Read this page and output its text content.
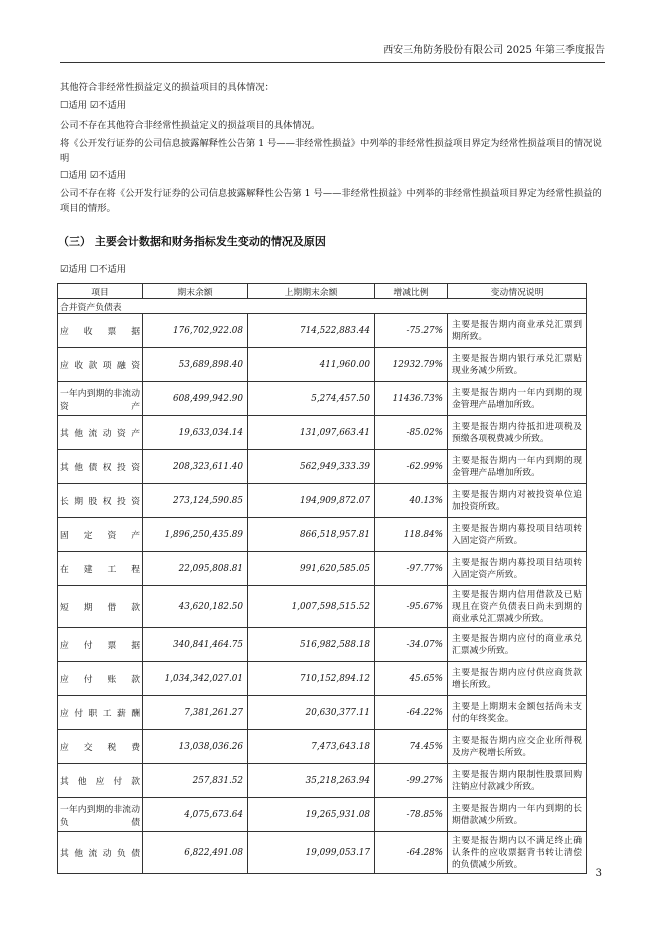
西安三角防务股份有限公司 2025 年第三季度报告

其他符合非经常性损益定义的损益项目的具体情况：

☐适用 ☑不适用

公司不存在其他符合非经常性损益定义的损益项目的具体情况。

将《公开发行证券的公司信息披露解释性公告第 1 号——非经常性损益》中列举的非经常性损益项目界定为经常性损益项目的情况说明

☐适用 ☑不适用

公司不存在将《公开发行证券的公司信息披露解释性公告第 1 号——非经常性损益》中列举的非经常性损益项目界定为经常性损益的项目的情形。

（三） 主要会计数据和财务指标发生变动的情况及原因

☑适用 ☐不适用

合并资产负债表				
项目	期末余额	上期期末余额	增减比例	变动情况说明
应收票据	176,702,922.08	714,522,883.44	-75.27%	主要是报告期内商业承兑汇票到期所致。
应收款项融资	53,689,898.40	411,960.00	12932.79%	主要是报告期内银行承兑汇票贴现业务减少所致。
一年内到期的非流动资产	608,499,942.90	5,274,457.50	11436.73%	主要是报告期内一年内到期的现金管理产品增加所致。
其他流动资产	19,633,034.14	131,097,663.41	-85.02%	主要是报告期内待抵扣进项税及预缴各项税费减少所致。
其他债权投资	208,323,611.40	562,949,333.39	-62.99%	主要是报告期内一年内到期的现金管理产品增加所致。
长期股权投资	273,124,590.85	194,909,872.07	40.13%	主要是报告期内对被投资单位追加投资所致。
固定资产	1,896,250,435.89	866,518,957.81	118.84%	主要是报告期内募投项目结项转入固定资产所致。
在建工程	22,095,808.81	991,620,585.05	-97.77%	主要是报告期内募投项目结项转入固定资产所致。
短期借款	43,620,182.50	1,007,598,515.52	-95.67%	主要是报告期内信用借款及已贴现且在资产负债表日尚未到期的商业承兑汇票减少所致。
应付票据	340,841,464.75	516,982,588.18	-34.07%	主要是报告期内应付的商业承兑汇票减少所致。
应付账款	1,034,342,027.01	710,152,894.12	45.65%	主要是报告期内应付供应商货款增长所致。
应付职工薪酬	7,381,261.27	20,630,377.11	-64.22%	主要是上期期末金额包括尚未支付的年终奖金。
应交税费	13,038,036.26	7,473,643.18	74.45%	主要是报告期内应交企业所得税及房产税增长所致。
其他应付款	257,831.52	35,218,263.94	-99.27%	主要是报告期内限制性股票回购注销应付款减少所致。
一年内到期的非流动负债	4,075,673.64	19,265,931.08	-78.85%	主要是报告期内一年内到期的长期借款减少所致。
其他流动负债	6,822,491.08	19,099,053.17	-64.28%	主要是报告期内以不满足终止确认条件的应收票据背书转让清偿的负债减少所致。
3
